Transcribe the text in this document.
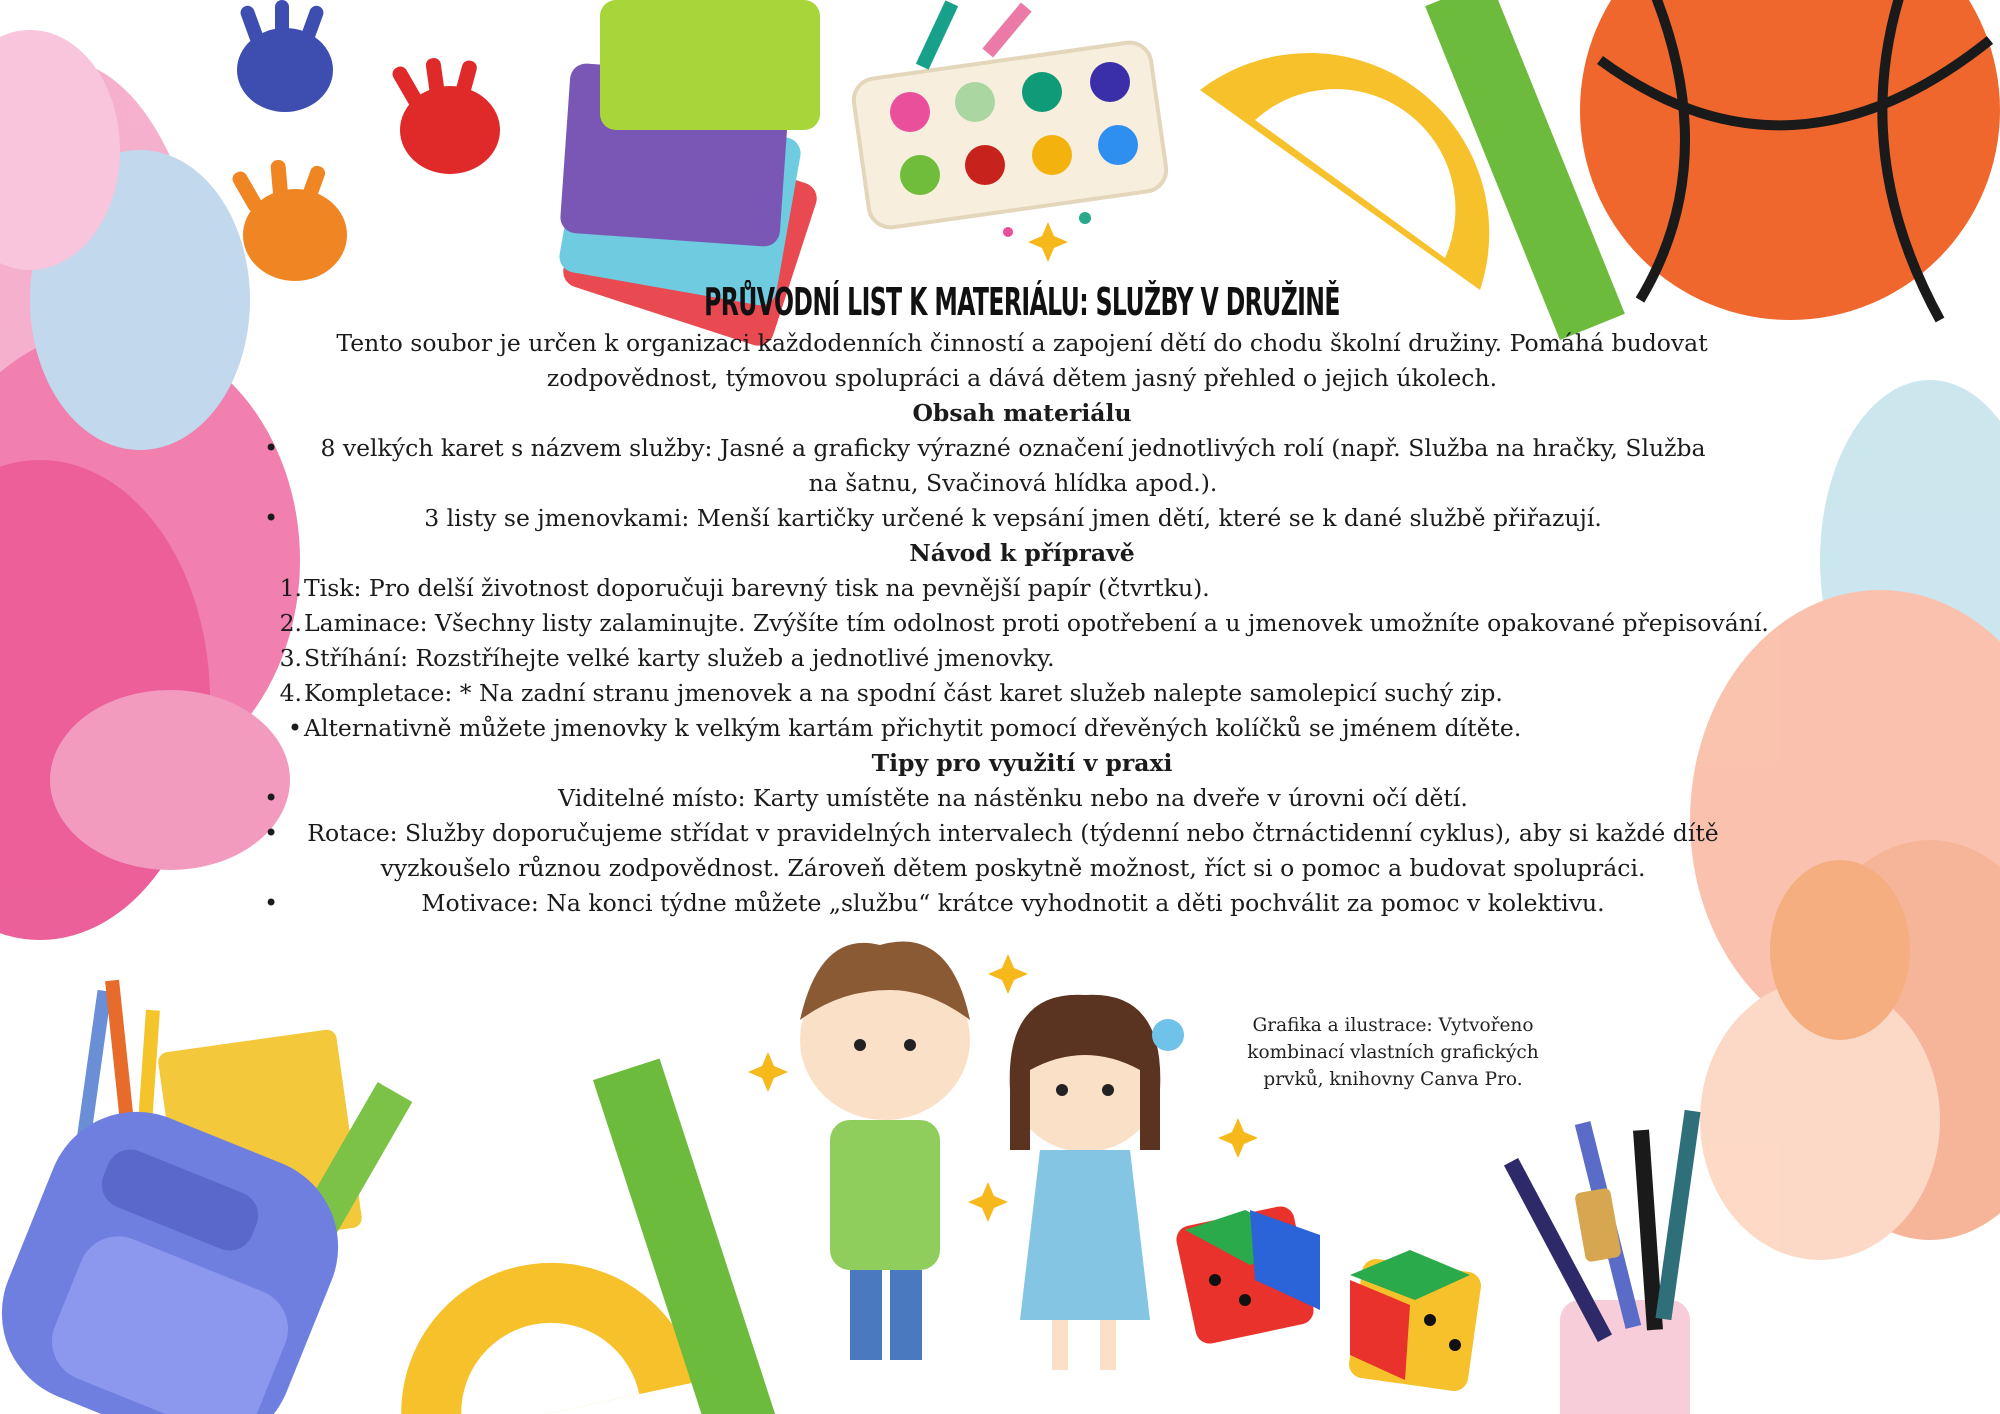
PRŮVODNÍ LIST K MATERIÁLU: SLUŽBY V DRUŽINĚ

Tento soubor je určen k organizaci každodenních činností a zapojení dětí do chodu školní družiny. Pomáhá budovat zodpovědnost, týmovou spolupráci a dává dětem jasný přehled o jejich úkolech.

Obsah materiálu
• 8 velkých karet s názvem služby: Jasné a graficky výrazné označení jednotlivých rolí (např. Služba na hračky, Služba na šatnu, Svačinová hlídka apod.).
• 3 listy se jmenovkami: Menší kartičky určené k vepsání jmen dětí, které se k dané službě přiřazují.
Návod k přípravě
1. Tisk: Pro delší životnost doporučuji barevný tisk na pevnější papír (čtvrtku).
2. Laminace: Všechny listy zalaminujte. Zvýšíte tím odolnost proti opotřebení a u jmenovek umožníte opakované přepisování.
3. Stříhání: Rozstříhejte velké karty služeb a jednotlivé jmenovky.
4. Kompletace: * Na zadní stranu jmenovek a na spodní část karet služeb nalepte samolepicí suchý zip.
• Alternativně můžete jmenovky k velkým kartám přichytit pomocí dřevěných kolíčků se jménem dítěte.
Tipy pro využití v praxi
• Viditelné místo: Karty umístěte na nástěnku nebo na dveře v úrovni očí dětí.
• Rotace: Služby doporučujeme střídat v pravidelných intervalech (týdenní nebo čtrnáctidenní cyklus), aby si každé dítě vyzkoušelo různou zodpovědnost. Zároveň dětem poskytně možnost, říct si o pomoc a budovat spolupráci.
• Motivace: Na konci týdne můžete „službu“ krátce vyhodnotit a děti pochválit za pomoc v kolektivu.
Grafika a ilustrace: Vytvořeno kombinací vlastních grafických prvků, knihovny Canva Pro.
